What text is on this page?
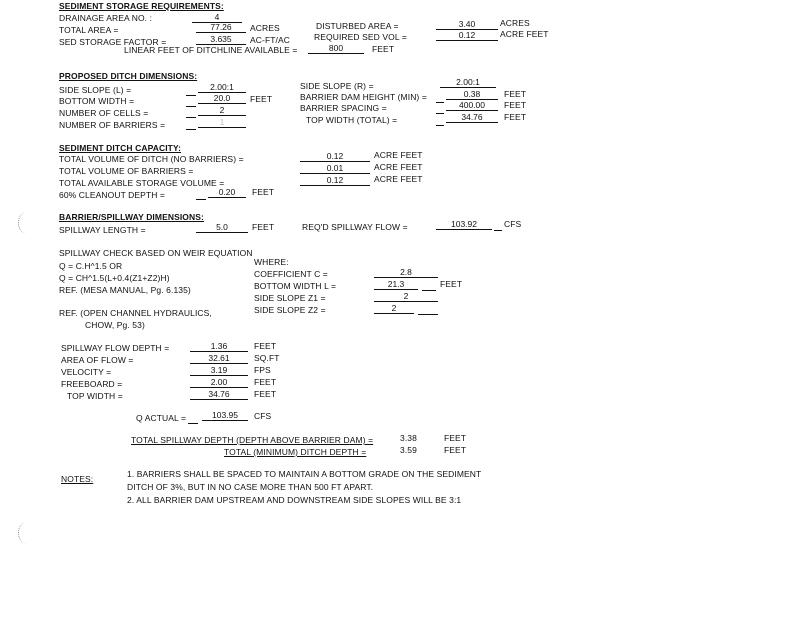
SEDIMENT STORAGE REQUIREMENTS:
DRAINAGE AREA NO. :	4
TOTAL AREA =	77.26	ACRES	DISTURBED AREA =	3.40	ACRES
SED STORAGE FACTOR =	3.635	AC-FT/AC	REQUIRED SED VOL =	0.12	ACRE FEET
LINEAR FEET OF DITCHLINE AVAILABLE =	800	FEET
PROPOSED DITCH DIMENSIONS:
SIDE SLOPE (L) =	2.00:1	SIDE SLOPE (R) =	2.00:1
BOTTOM WIDTH =	20.0	FEET	BARRIER DAM HEIGHT (MIN) =	0.38	FEET
NUMBER OF CELLS =	2	BARRIER SPACING =	400.00	FEET
NUMBER OF BARRIERS =	1	TOP WIDTH (TOTAL) =	34.76	FEET
SEDIMENT DITCH CAPACITY:
TOTAL VOLUME OF DITCH (NO BARRIERS) =	0.12	ACRE FEET
TOTAL VOLUME OF BARRIERS =	0.01	ACRE FEET
TOTAL AVAILABLE STORAGE VOLUME =	0.12	ACRE FEET
60% CLEANOUT DEPTH =	0.20	FEET
BARRIER/SPILLWAY DIMENSIONS:
SPILLWAY LENGTH =	5.0	FEET	REQ'D SPILLWAY FLOW =	103.92	CFS
SPILLWAY CHECK BASED ON WEIR EQUATION
Q = C.H^1.5 OR
Q = CH^1.5(L+0.4(Z1+Z2)H)
REF. (MESA MANUAL, Pg. 6.135)
REF. (OPEN CHANNEL HYDRAULICS,
CHOW, Pg. 53)
WHERE:
COEFFICIENT C =	2.8
BOTTOM WIDTH L =	21.3	FEET
SIDE SLOPE Z1 =	2
SIDE SLOPE Z2 =	2
SPILLWAY FLOW DEPTH =	1.36	FEET
AREA OF FLOW =	32.61	SQ.FT
VELOCITY =	3.19	FPS
FREEBOARD =	2.00	FEET
TOP WIDTH =	34.76	FEET
Q ACTUAL =	103.95	CFS
TOTAL SPILLWAY DEPTH (DEPTH ABOVE BARRIER DAM) =	3.38	FEET
TOTAL (MINIMUM) DITCH DEPTH =	3.59	FEET
NOTES:	1. BARRIERS SHALL BE SPACED TO MAINTAIN A BOTTOM GRADE ON THE SEDIMENT
DITCH OF 3%, BUT IN NO CASE MORE THAN 500 FT APART.
2. ALL BARRIER DAM UPSTREAM AND DOWNSTREAM SIDE SLOPES WILL BE 3:1
